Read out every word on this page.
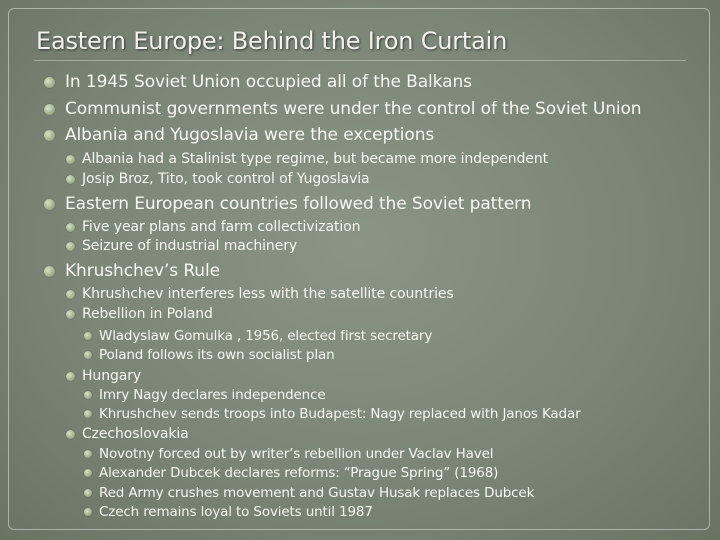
Eastern Europe: Behind the Iron Curtain
In 1945 Soviet Union occupied all of the Balkans
Communist governments were under the control of the Soviet Union
Albania and Yugoslavia were the exceptions
Albania had a Stalinist type regime, but became more independent
Josip Broz, Tito, took control of Yugoslavia
Eastern European countries followed the Soviet pattern
Five year plans and farm collectivization
Seizure of industrial machinery
Khrushchev’s Rule
Khrushchev interferes less with the satellite countries
Rebellion in Poland
Wladyslaw Gomulka , 1956, elected first secretary
Poland follows its own socialist plan
Hungary
Imry Nagy declares independence
Khrushchev sends troops into Budapest: Nagy replaced with Janos Kadar
Czechoslovakia
Novotny forced out by writer’s rebellion under Vaclav Havel
Alexander Dubcek declares reforms: “Prague Spring” (1968)
Red Army crushes movement and Gustav Husak replaces Dubcek
Czech remains loyal to Soviets until 1987
